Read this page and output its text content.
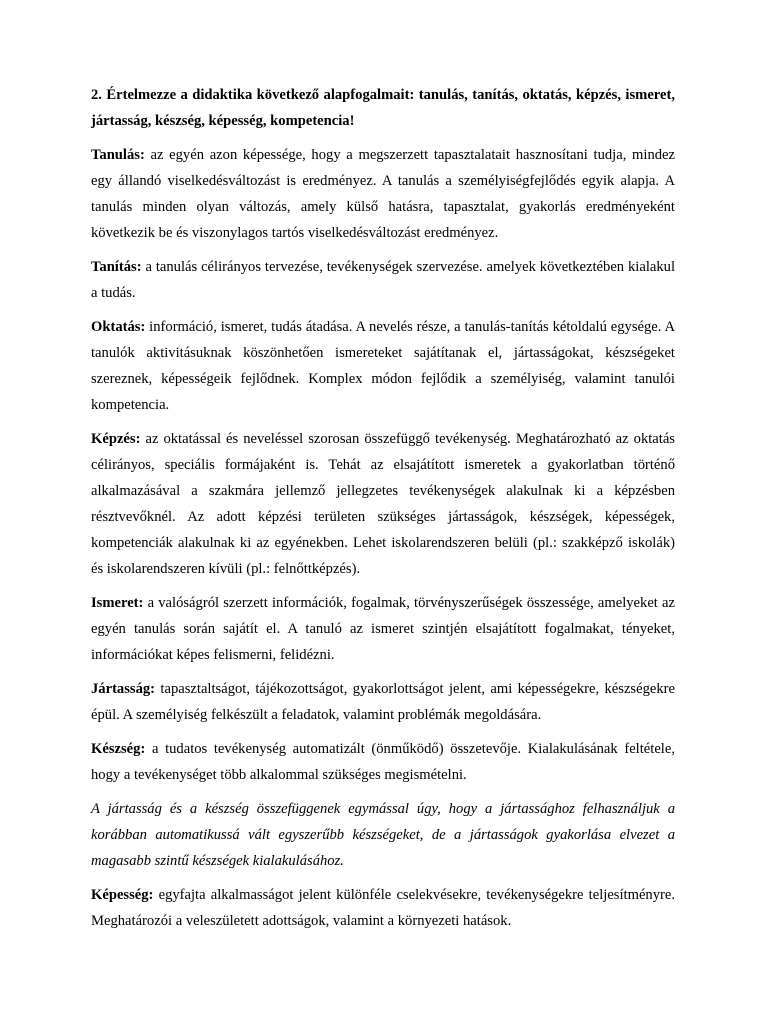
2. Értelmezze a didaktika következő alapfogalmait: tanulás, tanítás, oktatás, képzés, ismeret, jártasság, készség, képesség, kompetencia!

Tanulás: az egyén azon képessége, hogy a megszerzett tapasztalatait hasznosítani tudja, mindez egy állandó viselkedésváltozást is eredményez. A tanulás a személyiségfejlődés egyik alapja. A tanulás minden olyan változás, amely külső hatásra, tapasztalat, gyakorlás eredményeként következik be és viszonylagos tartós viselkedésváltozást eredményez.

Tanítás: a tanulás célirányos tervezése, tevékenységek szervezése. amelyek következtében kialakul a tudás.

Oktatás: információ, ismeret, tudás átadása. A nevelés része, a tanulás-tanítás kétoldalú egysége. A tanulók aktivitásuknak köszönhetően ismereteket sajátítanak el, jártasságokat, készségeket szereznek, képességeik fejlődnek. Komplex módon fejlődik a személyiség, valamint tanulói kompetencia.

Képzés: az oktatással és neveléssel szorosan összefüggő tevékenység. Meghatározható az oktatás célirányos, speciális formájaként is. Tehát az elsajátított ismeretek a gyakorlatban történő alkalmazásával a szakmára jellemző jellegzetes tevékenységek alakulnak ki a képzésben résztvevőknél. Az adott képzési területen szükséges jártasságok, készségek, képességek, kompetenciák alakulnak ki az egyénekben. Lehet iskolarendszeren belüli (pl.: szakképző iskolák) és iskolarendszeren kívüli (pl.: felnőttképzés).

Ismeret: a valóságról szerzett információk, fogalmak, törvényszerűségek összessége, amelyeket az egyén tanulás során sajátít el. A tanuló az ismeret szintjén elsajátított fogalmakat, tényeket, információkat képes felismerni, felidézni.

Jártasság: tapasztaltságot, tájékozottságot, gyakorlottságot jelent, ami képességekre, készségekre épül. A személyiség felkészült a feladatok, valamint problémák megoldására.

Készség: a tudatos tevékenység automatizált (önműködő) összetevője. Kialakulásának feltétele, hogy a tevékenységet több alkalommal szükséges megismételni.

A jártasság és a készség összefüggenek egymással úgy, hogy a jártassághoz felhasználjuk a korábban automatikussá vált egyszerűbb készségeket, de a jártasságok gyakorlása elvezet a magasabb szintű készségek kialakulásához.

Képesség: egyfajta alkalmasságot jelent különféle cselekvésekre, tevékenységekre teljesítményre. Meghatározói a veleszületett adottságok, valamint a környezeti hatások.
